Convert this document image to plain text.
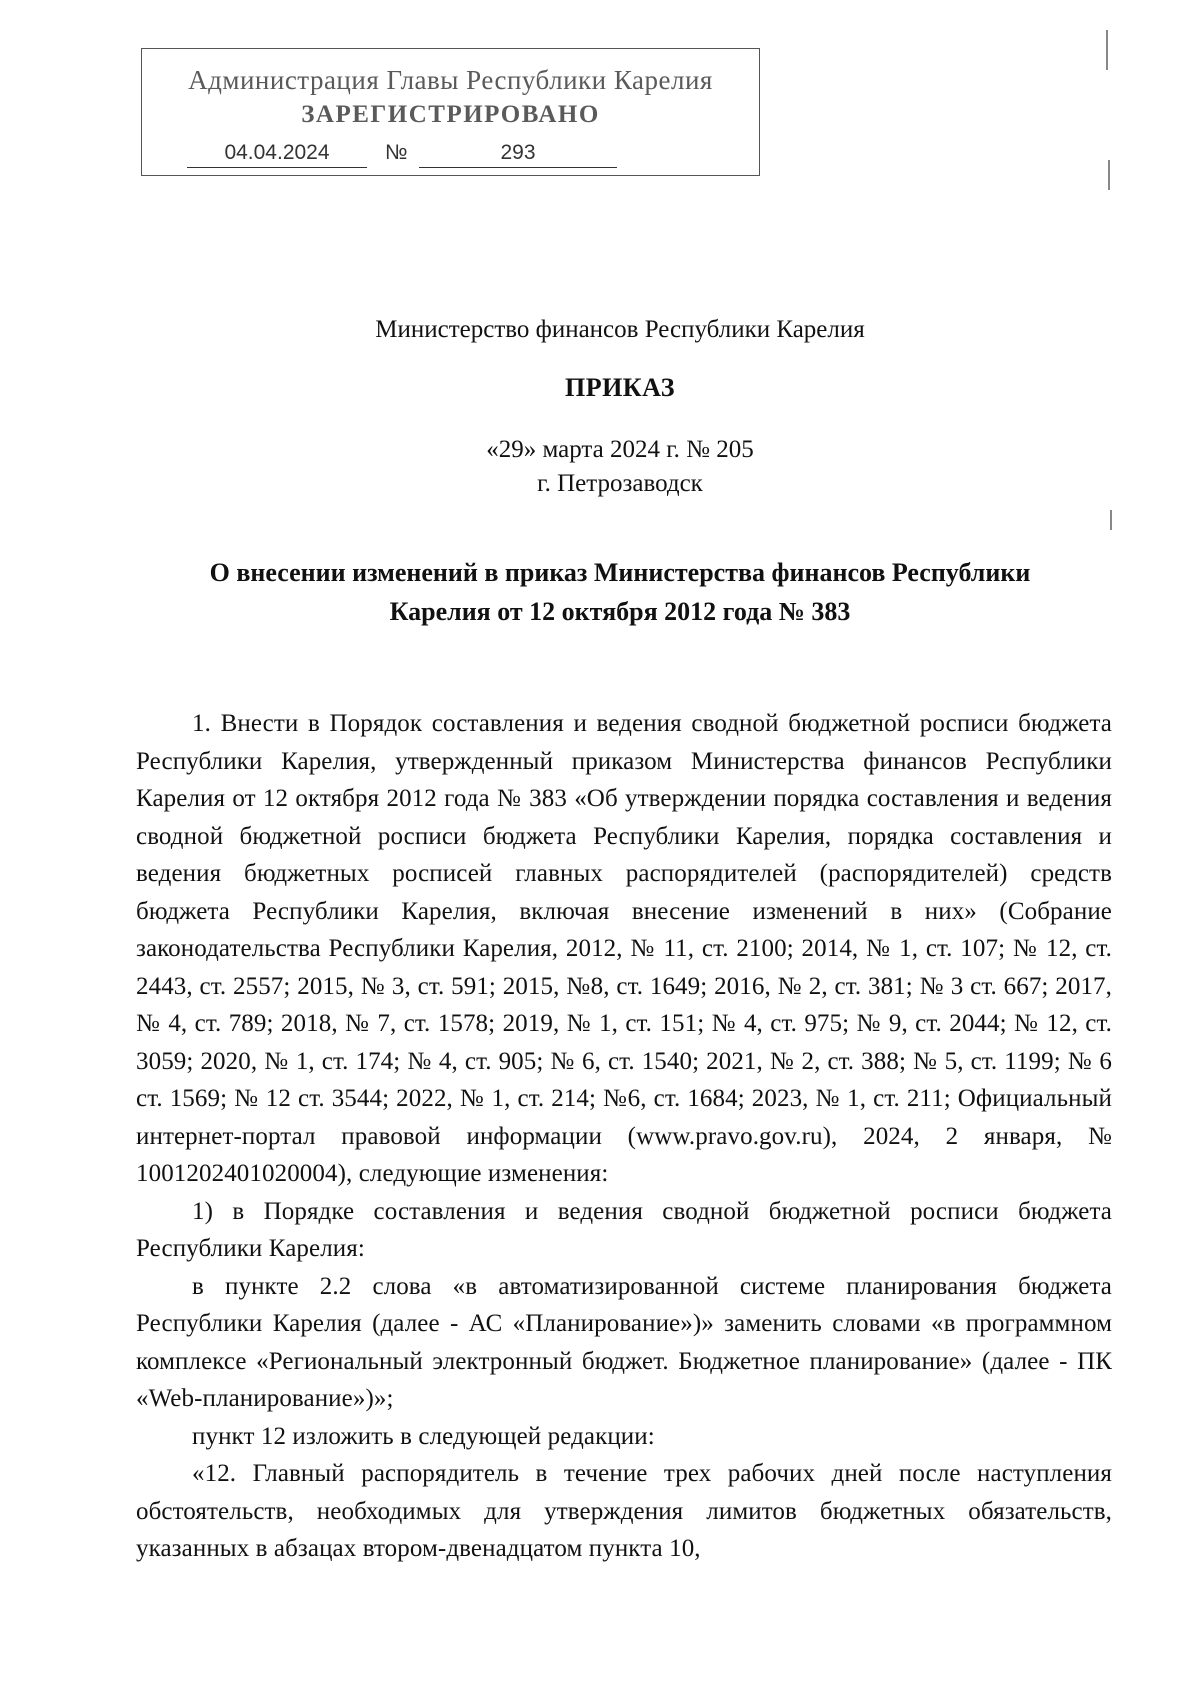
Администрация Главы Республики Карелия
ЗАРЕГИСТРИРОВАНО
04.04.2024	№	293
Министерство финансов Республики Карелия
ПРИКАЗ
«29» марта 2024 г. № 205
г. Петрозаводск
О внесении изменений в приказ Министерства финансов Республики
Карелия от 12 октября 2012 года № 383

1. Внести в Порядок составления и ведения сводной бюджетной росписи бюджета Республики Карелия, утвержденный приказом Министерства финансов Республики Карелия от 12 октября 2012 года № 383 «Об утверждении порядка составления и ведения сводной бюджетной росписи бюджета Республики Карелия, порядка составления и ведения бюджетных росписей главных распорядителей (распорядителей) средств бюджета Республики Карелия, включая внесение изменений в них» (Собрание законодательства Республики Карелия, 2012, № 11, ст. 2100; 2014, № 1, ст. 107; № 12, ст. 2443, ст. 2557; 2015, № 3, ст. 591; 2015, №8, ст. 1649; 2016, № 2, ст. 381; № 3 ст. 667; 2017, № 4, ст. 789; 2018, № 7, ст. 1578; 2019, № 1, ст. 151; № 4, ст. 975; № 9, ст. 2044; № 12, ст. 3059; 2020, № 1, ст. 174; № 4, ст. 905; № 6, ст. 1540; 2021, № 2, ст. 388; № 5, ст. 1199; № 6 ст. 1569; № 12 ст. 3544; 2022, № 1, ст. 214; №6, ст. 1684; 2023, № 1, ст. 211; Официальный интернет-портал правовой информации (www.pravo.gov.ru), 2024, 2 января, № 1001202401020004), следующие изменения:

1) в Порядке составления и ведения сводной бюджетной росписи бюджета Республики Карелия:

в пункте 2.2 слова «в автоматизированной системе планирования бюджета Республики Карелия (далее - АС «Планирование»)» заменить словами «в программном комплексе «Региональный электронный бюджет. Бюджетное планирование» (далее - ПК «Web-планирование»)»;

пункт 12 изложить в следующей редакции:

«12. Главный распорядитель в течение трех рабочих дней после наступления обстоятельств, необходимых для утверждения лимитов бюджетных обязательств, указанных в абзацах втором-двенадцатом пункта 10,
